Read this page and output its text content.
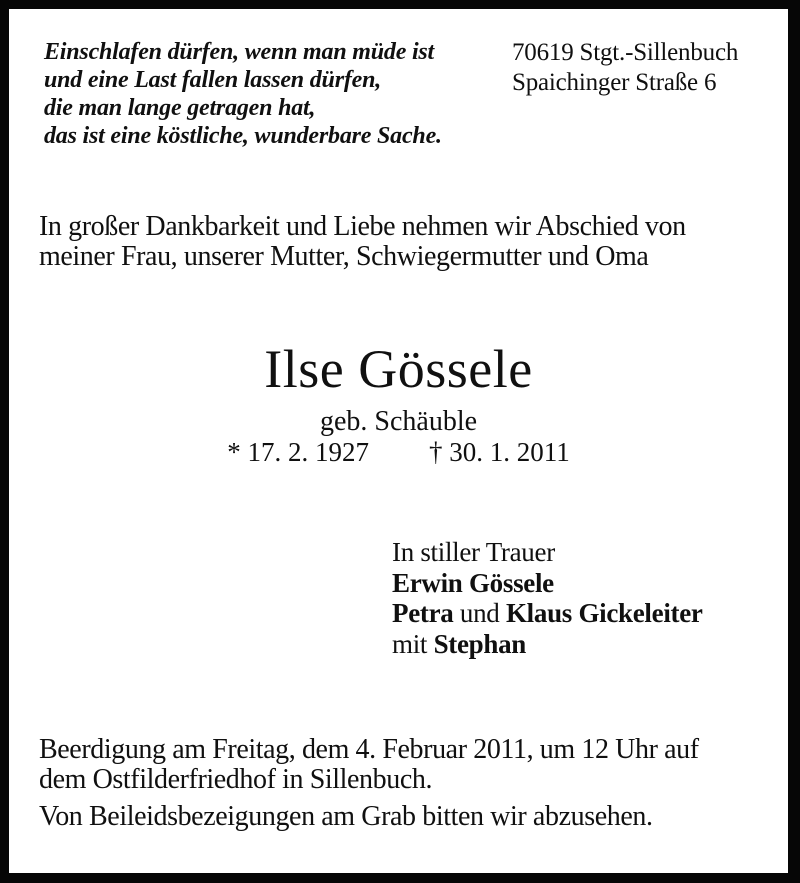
Einschlafen dürfen, wenn man müde ist
und eine Last fallen lassen dürfen,
die man lange getragen hat,
das ist eine köstliche, wunderbare Sache.
70619 Stgt.-Sillenbuch
Spaichinger Straße 6
In großer Dankbarkeit und Liebe nehmen wir Abschied von
meiner Frau, unserer Mutter, Schwiegermutter und Oma
Ilse Gössele
geb. Schäuble
* 17. 2. 1927 † 30. 1. 2011
In stiller Trauer
Erwin Gössele
Petra und Klaus Gickeleiter
mit Stephan
Beerdigung am Freitag, dem 4. Februar 2011, um 12 Uhr auf
dem Ostfilderfriedhof in Sillenbuch.
Von Beileidsbezeigungen am Grab bitten wir abzusehen.
